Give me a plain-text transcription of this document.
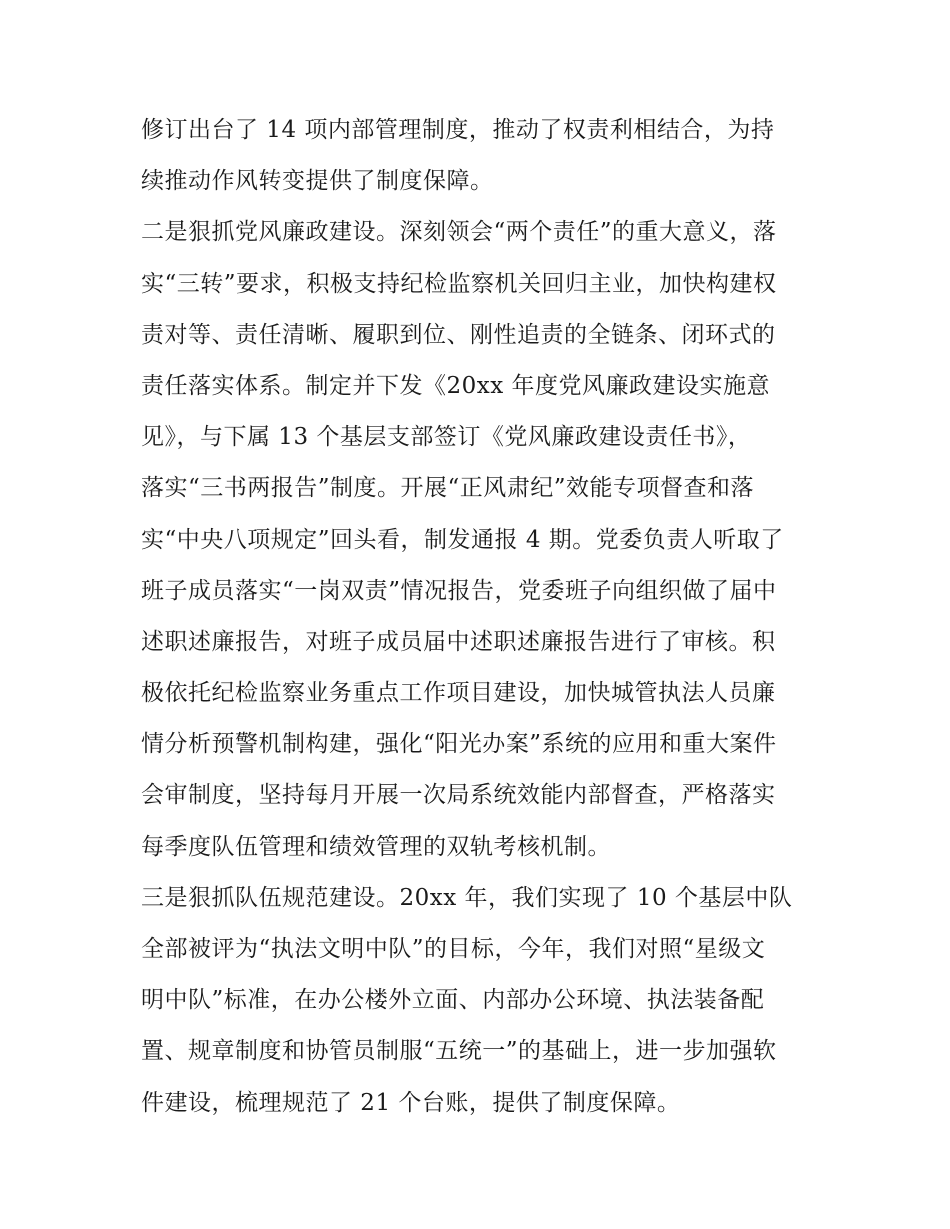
修订出台了 14 项内部管理制度，推动了权责利相结合，为持
续推动作风转变提供了制度保障。
二是狠抓党风廉政建设。深刻领会“两个责任”的重大意义，落
实“三转”要求，积极支持纪检监察机关回归主业，加快构建权
责对等、责任清晰、履职到位、刚性追责的全链条、闭环式的
责任落实体系。制定并下发《20xx 年度党风廉政建设实施意
见》，与下属 13 个基层支部签订《党风廉政建设责任书》，
落实“三书两报告”制度。开展“正风肃纪”效能专项督查和落
实“中央八项规定”回头看，制发通报 4 期。党委负责人听取了
班子成员落实“一岗双责”情况报告，党委班子向组织做了届中
述职述廉报告，对班子成员届中述职述廉报告进行了审核。积
极依托纪检监察业务重点工作项目建设，加快城管执法人员廉
情分析预警机制构建，强化“阳光办案”系统的应用和重大案件
会审制度，坚持每月开展一次局系统效能内部督查，严格落实
每季度队伍管理和绩效管理的双轨考核机制。
三是狠抓队伍规范建设。20xx 年，我们实现了 10 个基层中队
全部被评为“执法文明中队”的目标，今年，我们对照“星级文
明中队”标准，在办公楼外立面、内部办公环境、执法装备配
置、规章制度和协管员制服“五统一”的基础上，进一步加强软
件建设，梳理规范了 21 个台账，提供了制度保障。
